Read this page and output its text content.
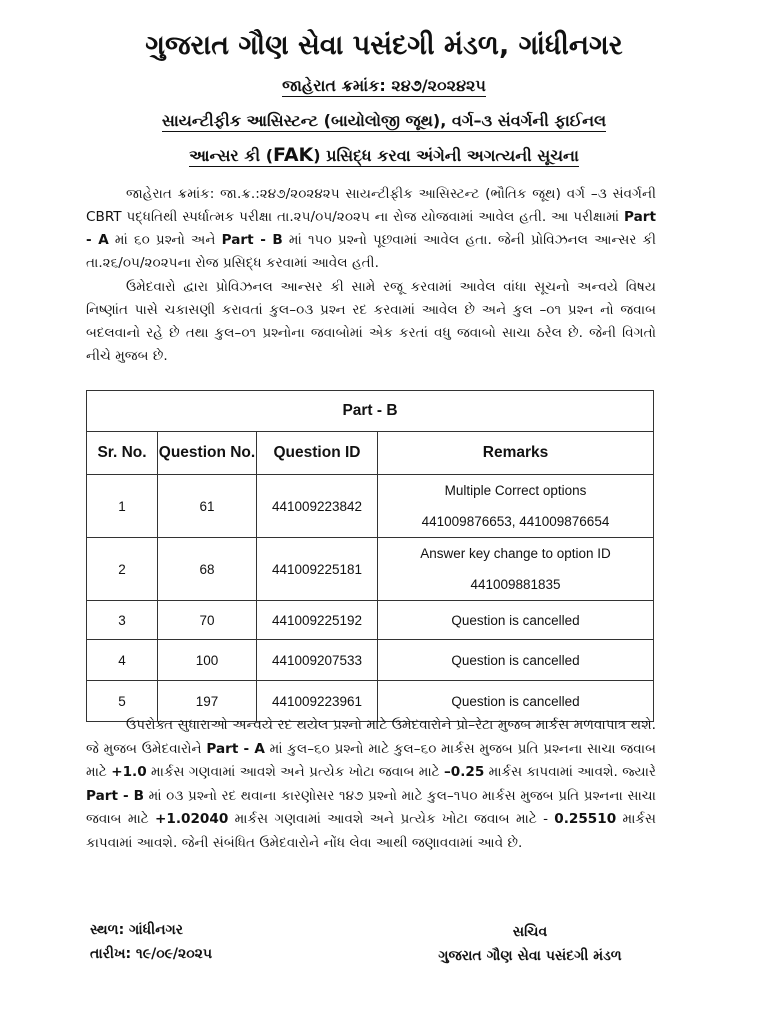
ગુજરાત ગૌણ સેવા પસંદગી મંડળ, ગાંધીનગર
જાહેરાત ક્રમાંક: ૨૪૭/૨૦૨૪૨૫
સાયન્ટીફીક આસિસ્ટન્ટ (બાયોલોજી જૂથ), વર્ગ–૩ સંવર્ગની ફાઈનલ
આન્સર કી (FAK) પ્રસિદ્ધ કરવા અંગેની અગત્યની સૂચના
જાહેરાત ક્રમાંક: જા.ક્ર.:૨૪૭/૨૦૨૪૨૫ સાયન્ટીફીક આસિસ્ટન્ટ (ભૌતિક જૂથ) વર્ગ –૩ સંવર્ગની CBRT પદ્ધતિથી સ્પર્ધાત્મક પરીક્ષા તા.૨૫/૦૫/૨૦૨૫ ના રોજ યોજવામાં આવેલ હતી. આ પરીક્ષામાં Part - A માં ૬૦ પ્રશ્નો અને Part - B માં ૧૫૦ પ્રશ્નો પૂછવામાં આવેલ હતા. જેની પ્રોવિઝનલ આન્સર કી તા.૨૬/૦૫/૨૦૨૫ના રોજ પ્રસિદ્ધ કરવામાં આવેલ હતી.
ઉમેદવારો દ્વારા પ્રોવિઝનલ આન્સર કી સામે રજૂ કરવામાં આવેલ વાંધા સૂચનો અન્વયે વિષય નિષ્ણાંત પાસે ચકાસણી કરાવતાં કુલ–૦૩ પ્રશ્ન રદ કરવામાં આવેલ છે અને કુલ –૦૧ પ્રશ્ન નો જવાબ બદલવાનો રહે છે તથા કુલ–૦૧ પ્રશ્નોના જવાબોમાં એક કરતાં વધુ જવાબો સાચા ઠરેલ છે. જેની વિગતો નીચે મુજબ છે.
Part - B			
Sr. No.	Question No.	Question ID	Remarks
1	61	441009223842	Multiple Correct options
441009876653, 441009876654

2	68	441009225181	Answer key change to option ID
441009881835

3	70	441009225192	Question is cancelled
4	100	441009207533	Question is cancelled
5	197	441009223961	Question is cancelled
ઉપરોક્ત સુધારાઓ અન્વયે રદ થયેલ પ્રશ્નો માટે ઉમેદવારોને પ્રો–રેટા મુજબ માર્કસ મળવાપાત્ર થશે. જે મુજબ ઉમેદવારોને Part - A માં કુલ–૬૦ પ્રશ્નો માટે કુલ–૬૦ માર્કસ મુજબ પ્રતિ પ્રશ્નના સાચા જવાબ માટે +1.0 માર્કસ ગણવામાં આવશે અને પ્રત્યેક ખોટા જવાબ માટે –0.25 માર્કસ કાપવામાં આવશે. જ્યારે Part - B માં ૦૩ પ્રશ્નો રદ થવાના કારણોસર ૧૪૭ પ્રશ્નો માટે કુલ–૧૫૦ માર્કસ મુજબ પ્રતિ પ્રશ્નના સાચા જવાબ માટે +1.02040 માર્કસ ગણવામાં આવશે અને પ્રત્યેક ખોટા જવાબ માટે - 0.25510 માર્કસ કાપવામાં આવશે. જેની સંબંધિત ઉમેદવારોને નોંધ લેવા આથી જણાવવામાં આવે છે.
સ્થળ: ગાંધીનગર
તારીખ: ૧૯/૦૯/૨૦૨૫
સચિવ
ગુજરાત ગૌણ સેવા પસંદગી મંડળ
